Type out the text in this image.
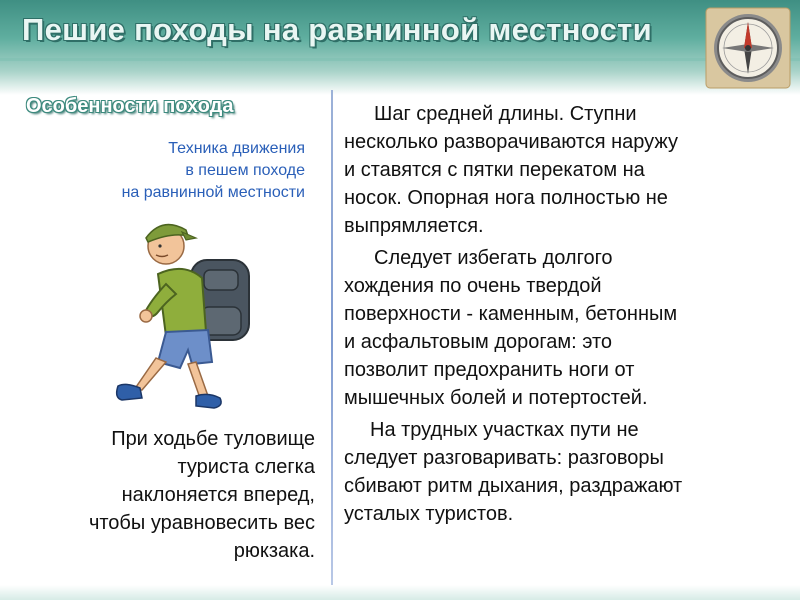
Пешие походы на равнинной местности
Особенности похода
Техника движения
в пешем походе
на равнинной местности
При ходьбе туловище
туриста слегка
наклоняется вперед,
чтобы уравновесить вес
рюкзака.
Шаг средней длины. Ступни
несколько разворачиваются наружу
и ставятся с пятки перекатом на
носок. Опорная нога полностью не
выпрямляется.
Следует избегать долгого
хождения по очень твердой
поверхности - каменным, бетонным
и асфальтовым дорогам: это
позволит предохранить ноги от
мышечных болей и потертостей.
На трудных участках пути не
следует разговаривать: разговоры
сбивают ритм дыхания, раздражают
усталых туристов.
